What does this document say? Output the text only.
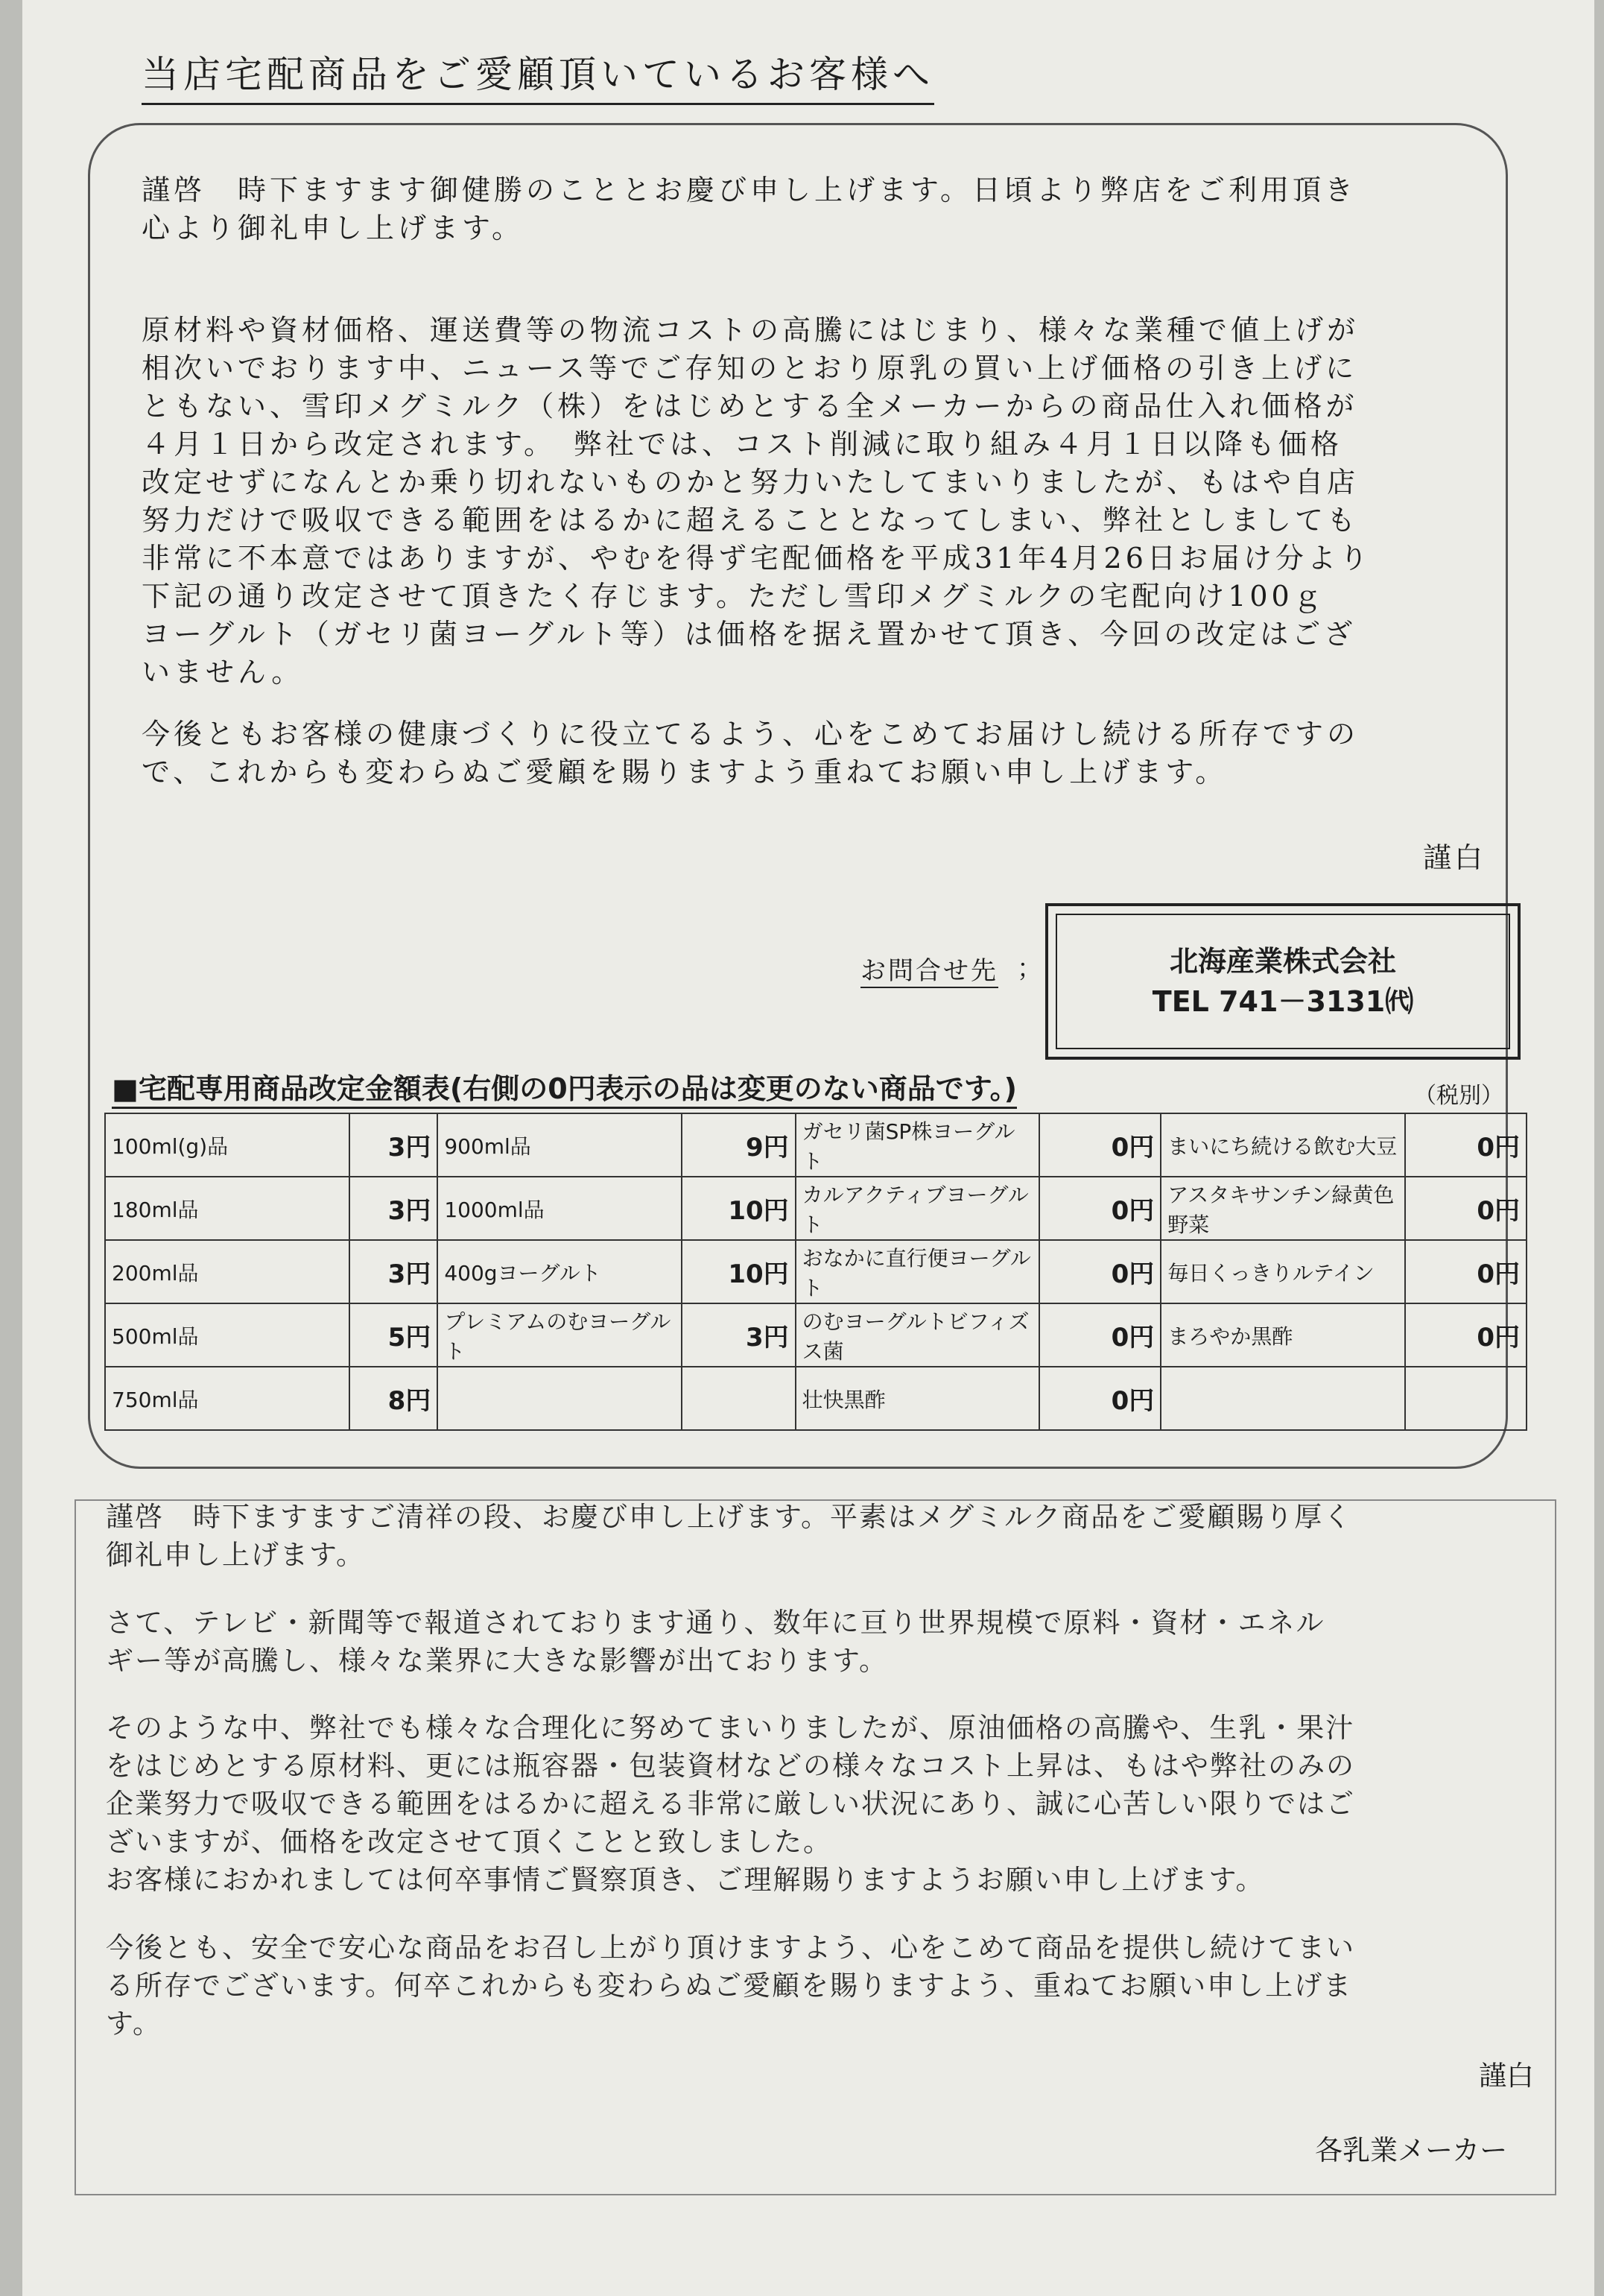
当店宅配商品をご愛顧頂いているお客様へ
謹啓　時下ますます御健勝のこととお慶び申し上げます。日頃より弊店をご利用頂き
心より御礼申し上げます。
原材料や資材価格、運送費等の物流コストの高騰にはじまり、様々な業種で値上げが
相次いでおります中、ニュース等でご存知のとおり原乳の買い上げ価格の引き上げに
ともない、雪印メグミルク（株）をはじめとする全メーカーからの商品仕入れ価格が
４月１日から改定されます。　弊社では、コスト削減に取り組み４月１日以降も価格
改定せずになんとか乗り切れないものかと努力いたしてまいりましたが、もはや自店
努力だけで吸収できる範囲をはるかに超えることとなってしまい、弊社としましても
非常に不本意ではありますが、やむを得ず宅配価格を平成31年4月26日お届け分より
下記の通り改定させて頂きたく存じます。ただし雪印メグミルクの宅配向け100ｇ
ヨーグルト（ガセリ菌ヨーグルト等）は価格を据え置かせて頂き、今回の改定はござ
いません。
今後ともお客様の健康づくりに役立てるよう、心をこめてお届けし続ける所存ですの
で、これからも変わらぬご愛顧を賜りますよう重ねてお願い申し上げます。
謹白
お問合せ先 ；	北海産業株式会社
TEL 741－3131㈹
■宅配専用商品改定金額表(右側の0円表示の品は変更のない商品です。)	（税別）
100ml(g)品	3円	900ml品	9円	ガセリ菌SP株ヨーグルト	0円	まいにち続ける飲む大豆	0円
180ml品	3円	1000ml品	10円	カルアクティブヨーグルト	0円	アスタキサンチン緑黄色野菜	0円
200ml品	3円	400gヨーグルト	10円	おなかに直行便ヨーグルト	0円	毎日くっきりルテイン	0円
500ml品	5円	プレミアムのむヨーグルト	3円	のむヨーグルトビフィズス菌	0円	まろやか黒酢	0円
750ml品	8円			壮快黒酢	0円		
謹啓　時下ますますご清祥の段、お慶び申し上げます。平素はメグミルク商品をご愛顧賜り厚く
御礼申し上げます。
さて、テレビ・新聞等で報道されております通り、数年に亘り世界規模で原料・資材・エネル
ギー等が高騰し、様々な業界に大きな影響が出ております。
そのような中、弊社でも様々な合理化に努めてまいりましたが、原油価格の高騰や、生乳・果汁
をはじめとする原材料、更には瓶容器・包装資材などの様々なコスト上昇は、もはや弊社のみの
企業努力で吸収できる範囲をはるかに超える非常に厳しい状況にあり、誠に心苦しい限りではご
ざいますが、価格を改定させて頂くことと致しました。
お客様におかれましては何卒事情ご賢察頂き、ご理解賜りますようお願い申し上げます。
今後とも、安全で安心な商品をお召し上がり頂けますよう、心をこめて商品を提供し続けてまい
る所存でございます。何卒これからも変わらぬご愛顧を賜りますよう、重ねてお願い申し上げま
す。
謹白
各乳業メーカー
